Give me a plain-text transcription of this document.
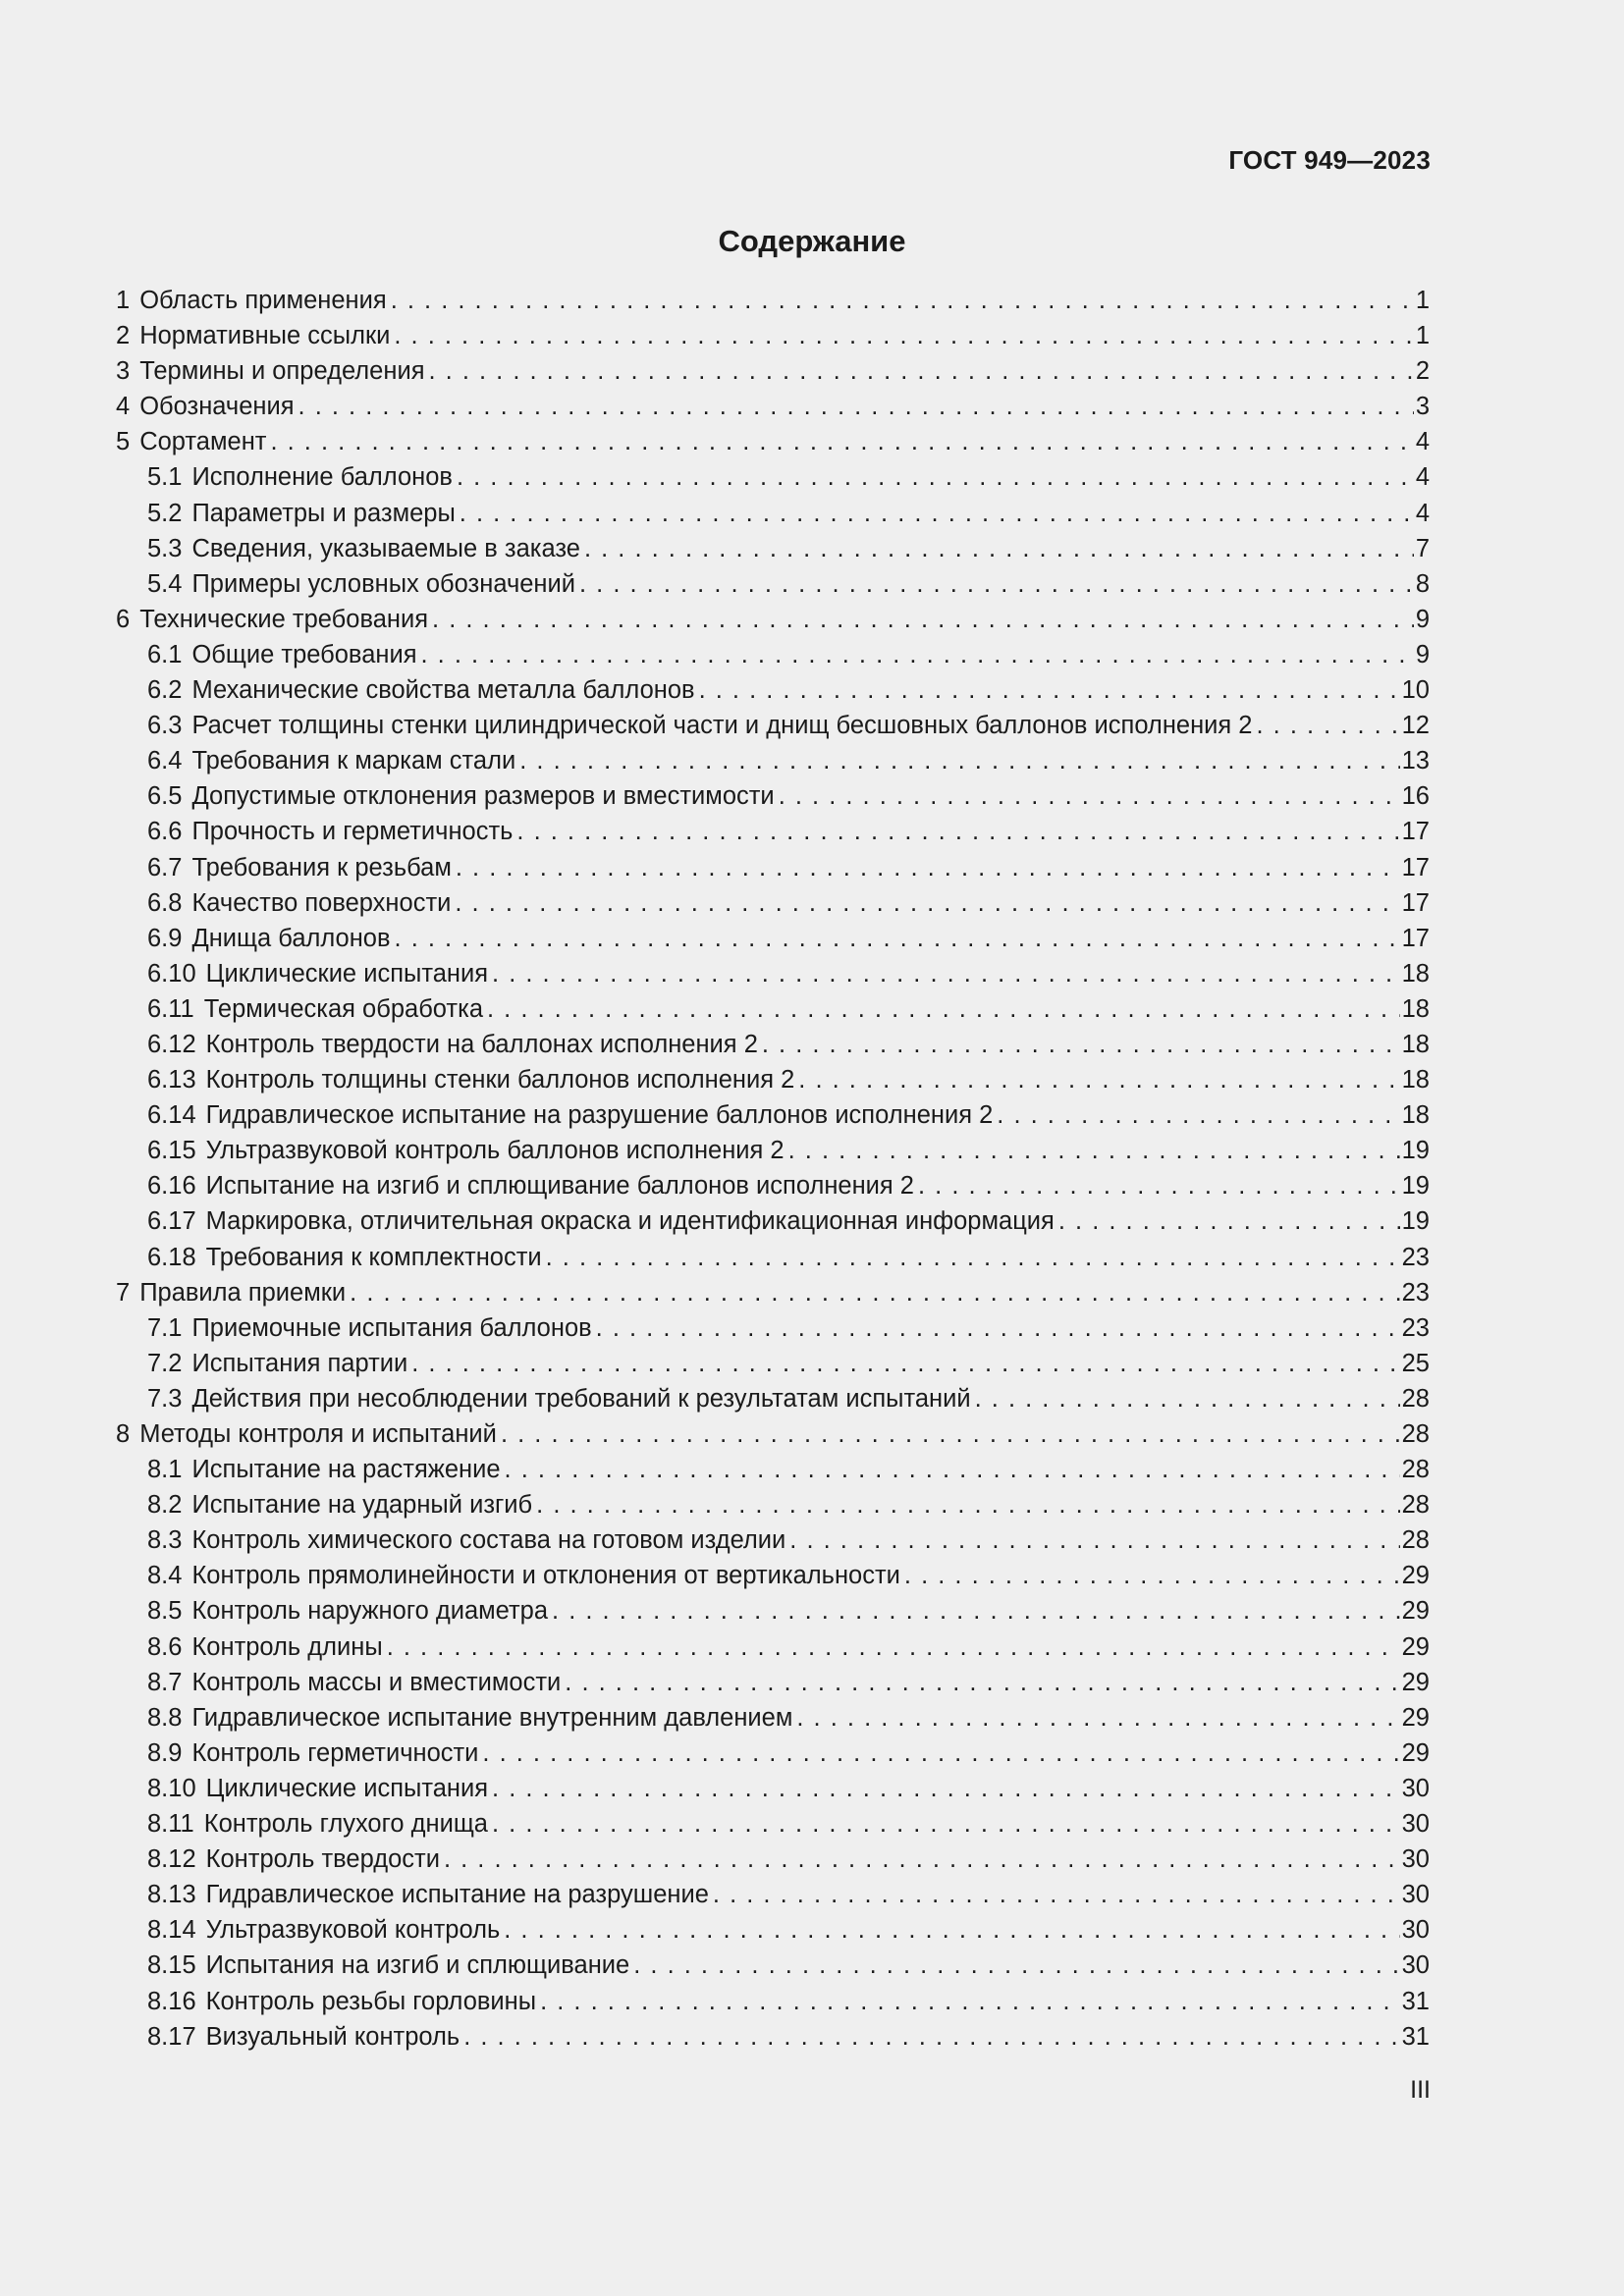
ГОСТ 949—2023
Содержание
1 Область применения . . .	1
2 Нормативные ссылки . . .	1
3 Термины и определения . . .	2
4 Обозначения . . .	3
5 Сортамент . . .	4
5.1 Исполнение баллонов . . .	4
5.2 Параметры и размеры . . .	4
5.3 Сведения, указываемые в заказе . . .	7
5.4 Примеры условных обозначений . . .	8
6 Технические требования . . .	9
6.1 Общие требования . . .	9
6.2 Механические свойства металла баллонов . . .	10
6.3 Расчет толщины стенки цилиндрической части и днищ бесшовных баллонов исполнения 2 . . .	12
6.4 Требования к маркам стали . . .	13
6.5 Допустимые отклонения размеров и вместимости . . .	16
6.6 Прочность и герметичность . . .	17
6.7 Требования к резьбам . . .	17
6.8 Качество поверхности . . .	17
6.9 Днища баллонов . . .	17
6.10 Циклические испытания . . .	18
6.11 Термическая обработка . . .	18
6.12 Контроль твердости на баллонах исполнения 2 . . .	18
6.13 Контроль толщины стенки баллонов исполнения 2 . . .	18
6.14 Гидравлическое испытание на разрушение баллонов исполнения 2 . . .	18
6.15 Ультразвуковой контроль баллонов исполнения 2 . . .	19
6.16 Испытание на изгиб и сплющивание баллонов исполнения 2 . . .	19
6.17 Маркировка, отличительная окраска и идентификационная информация . . .	19
6.18 Требования к комплектности . . .	23
7 Правила приемки . . .	23
7.1 Приемочные испытания баллонов . . .	23
7.2 Испытания партии . . .	25
7.3 Действия при несоблюдении требований к результатам испытаний . . .	28
8 Методы контроля и испытаний . . .	28
8.1 Испытание на растяжение . . .	28
8.2 Испытание на ударный изгиб . . .	28
8.3 Контроль химического состава на готовом изделии . . .	28
8.4 Контроль прямолинейности и отклонения от вертикальности . . .	29
8.5 Контроль наружного диаметра . . .	29
8.6 Контроль длины . . .	29
8.7 Контроль массы и вместимости . . .	29
8.8 Гидравлическое испытание внутренним давлением . . .	29
8.9 Контроль герметичности . . .	29
8.10 Циклические испытания . . .	30
8.11 Контроль глухого днища . . .	30
8.12 Контроль твердости . . .	30
8.13 Гидравлическое испытание на разрушение . . .	30
8.14 Ультразвуковой контроль . . .	30
8.15 Испытания на изгиб и сплющивание . . .	30
8.16 Контроль резьбы горловины . . .	31
8.17 Визуальный контроль . . .	31
III
